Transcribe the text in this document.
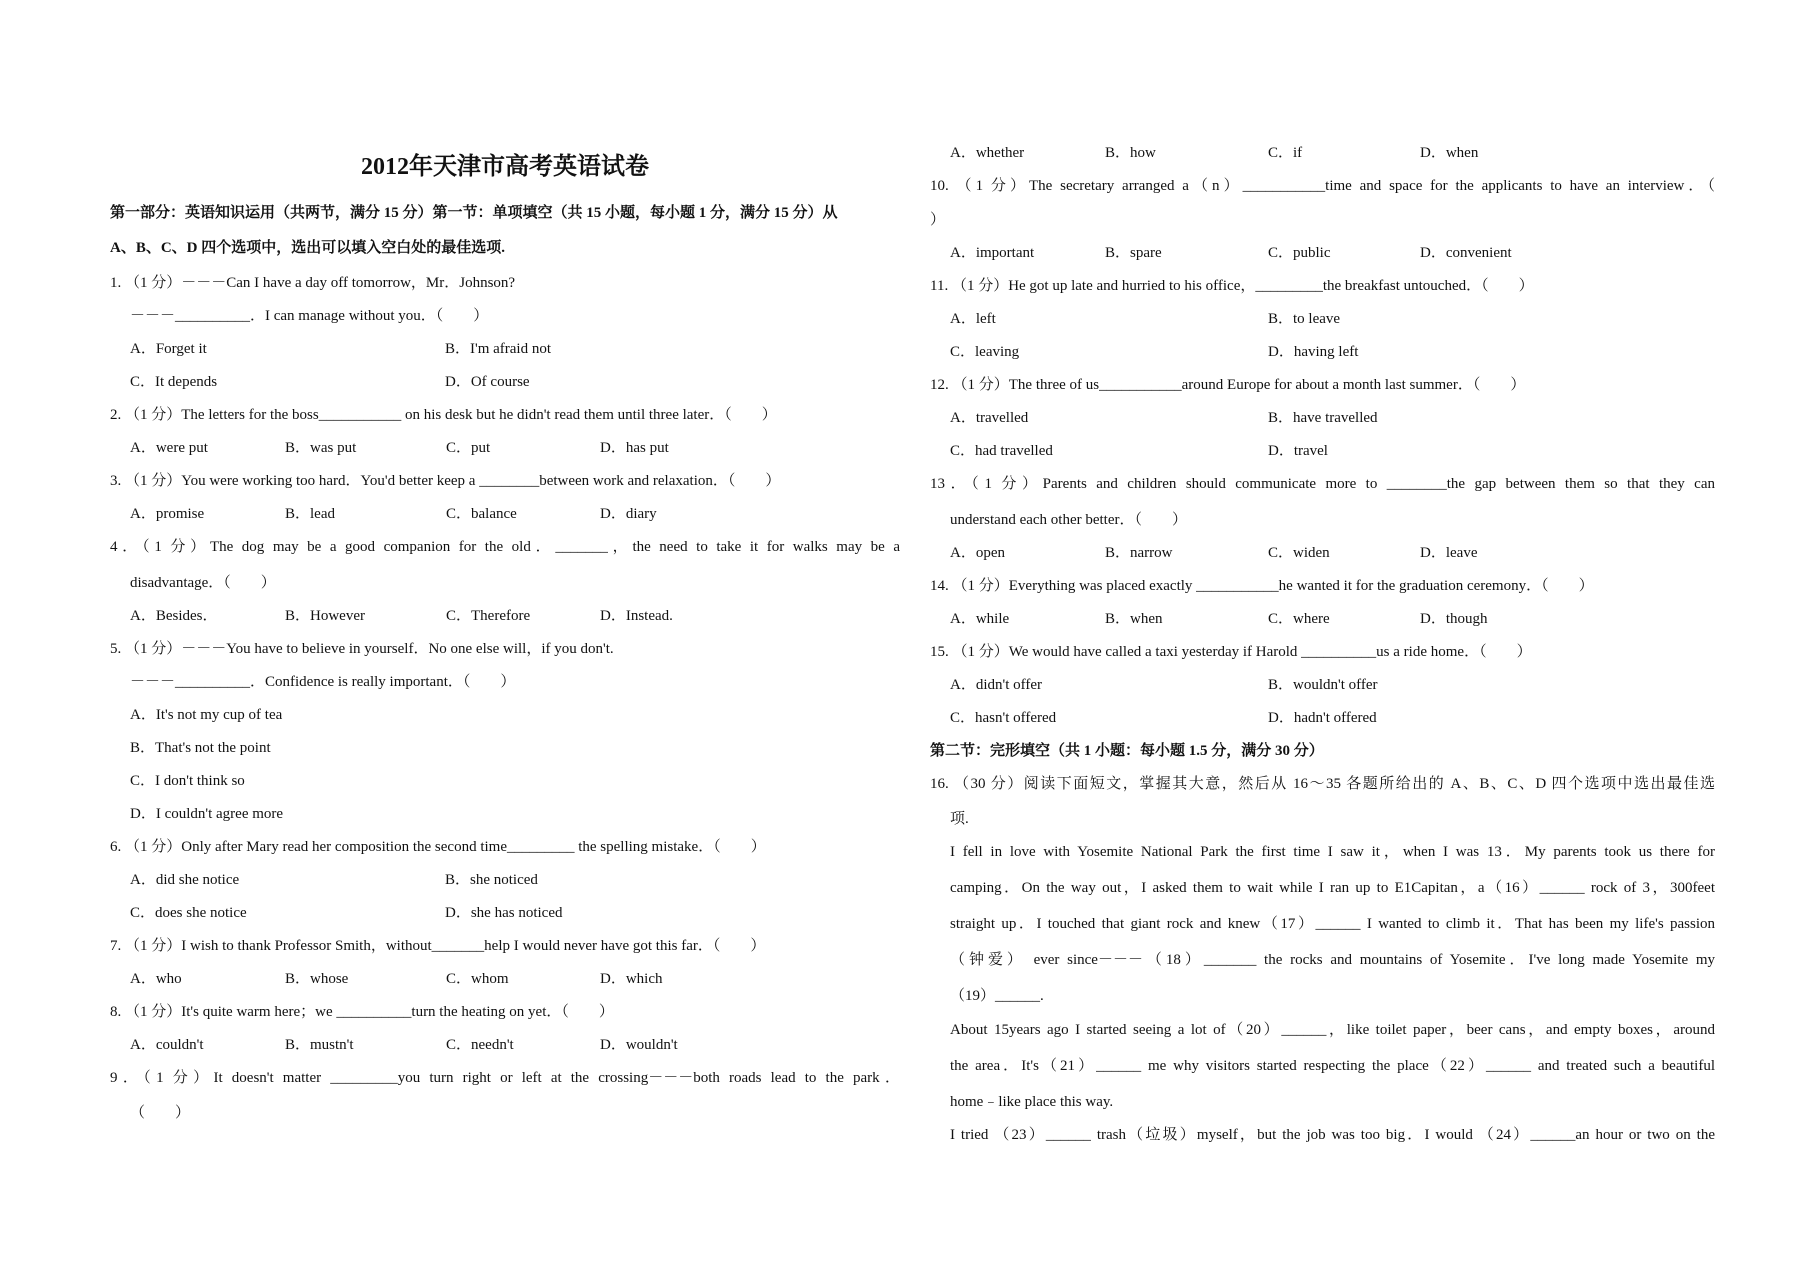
2012年天津市高考英语试卷
第一部分：英语知识运用（共两节，满分 15 分）第一节：单项填空（共 15 小题，每小题 1 分，满分 15 分）从
A、B、C、D 四个选项中，选出可以填入空白处的最佳选项.
1. （1 分）－－－Can I have a day off tomorrow，Mr．Johnson?
－－－__________．I can manage without you．（　　）
A．Forget it	B．I'm afraid not
C．It depends	D．Of course
2. （1 分）The letters for the boss___________ on his desk but he didn't read them until three later．（　　）
A．were put	B．was put	C．put	D．has put
3. （1 分）You were working too hard．You'd better keep a ________between work and relaxation．（　　）
A．promise	B．lead	C．balance	D．diary
4．（1 分）The dog may be a good companion for the old．_______，the need to take it for walks may be a
disadvantage．（　　）
A．Besides．	B．However	C．Therefore	D．Instead.
5. （1 分）－－－You have to believe in yourself．No one else will，if you don't.
－－－__________．Confidence is really important．（　　）
A．It's not my cup of tea
B．That's not the point
C．I don't think so
D．I couldn't agree more
6. （1 分）Only after Mary read her composition the second time_________ the spelling mistake．（　　）
A．did she notice	B．she noticed
C．does she notice	D．she has noticed
7. （1 分）I wish to thank Professor Smith，without_______help I would never have got this far．（　　）
A．who	B．whose	C．whom	D．which
8. （1 分）It's quite warm here；we __________turn the heating on yet．（　　）
A．couldn't	B．mustn't	C．needn't	D．wouldn't
9．（1 分）It doesn't matter _________you turn right or left at the crossing－－－both roads lead to the park．
（　　）
A．whether	B．how	C．if	D．when
10. （1 分）The secretary arranged a（n）___________time and space for the applicants to have an interview．（
）
A．important	B．spare	C．public	D．convenient
11. （1 分）He got up late and hurried to his office，_________the breakfast untouched．（　　）
A．left	B．to leave
C．leaving	D．having left
12. （1 分）The three of us___________around Europe for about a month last summer．（　　）
A．travelled	B．have travelled
C．had travelled	D．travel
13．（1 分）Parents and children should communicate more to ________the gap between them so that they can
understand each other better．（　　）
A．open	B．narrow	C．widen	D．leave
14. （1 分）Everything was placed exactly ___________he wanted it for the graduation ceremony．（　　）
A．while	B．when	C．where	D．though
15. （1 分）We would have called a taxi yesterday if Harold __________us a ride home．（　　）
A．didn't offer	B．wouldn't offer
C．hasn't offered	D．hadn't offered
第二节：完形填空（共 1 小题：每小题 1.5 分，满分 30 分）
16. （30 分）阅读下面短文，掌握其大意，然后从 16～35 各题所给出的 A、B、C、D 四个选项中选出最佳选
项.
I fell in love with Yosemite National Park the first time I saw it，when I was 13．My parents took us there for
camping．On the way out，I asked them to wait while I ran up to E1Capitan，a（16）______ rock of 3，300feet
straight up．I touched that giant rock and knew（17）______ I wanted to climb it．That has been my life's passion
（钟爱） ever since－－－（18）_______ the rocks and mountains of Yosemite．I've long made Yosemite my
（19）______.
About 15years ago I started seeing a lot of（20）______，like toilet paper，beer cans，and empty boxes，around
the area．It's（21）______ me why visitors started respecting the place（22）______ and treated such a beautiful
home﹣like place this way.
I tried （23）______ trash（垃圾）myself，but the job was too big．I would （24）______an hour or two on the
